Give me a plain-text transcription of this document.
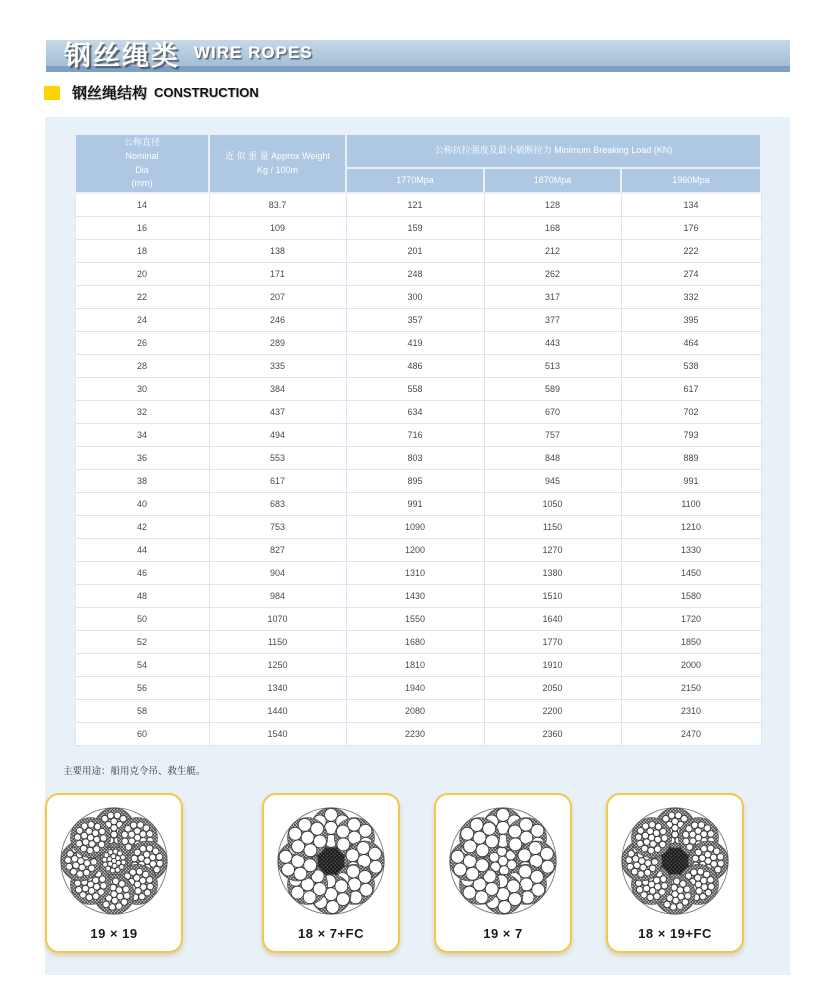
钢丝绳类 WIRE ROPES
钢丝绳结构 CONSTRUCTION
公称直径
Nominal
Dia
(mm)

近 似 重 量 Approx Weight
Kg / 100m
	公称抗拉强度及最小破断拉力 Minimum Breaking Load (KN)
		1770Mpa	1870Mpa	1960Mpa
14	83.7	121	128	134
16	109	159	168	176
18	138	201	212	222
20	171	248	262	274
22	207	300	317	332
24	246	357	377	395
26	289	419	443	464
28	335	486	513	538
30	384	558	589	617
32	437	634	670	702
34	494	716	757	793
36	553	803	848	889
38	617	895	945	991
40	683	991	1050	1100
42	753	1090	1150	1210
44	827	1200	1270	1330
46	904	1310	1380	1450
48	984	1430	1510	1580
50	1070	1550	1640	1720
52	1150	1680	1770	1850
54	1250	1810	1910	2000
56	1340	1940	2050	2150
58	1440	2080	2200	2310
60	1540	2230	2360	2470
主要用途：船用克令吊、救生艇。
18 × 7+FC	19 × 7	18 × 19+FC
19 × 19
